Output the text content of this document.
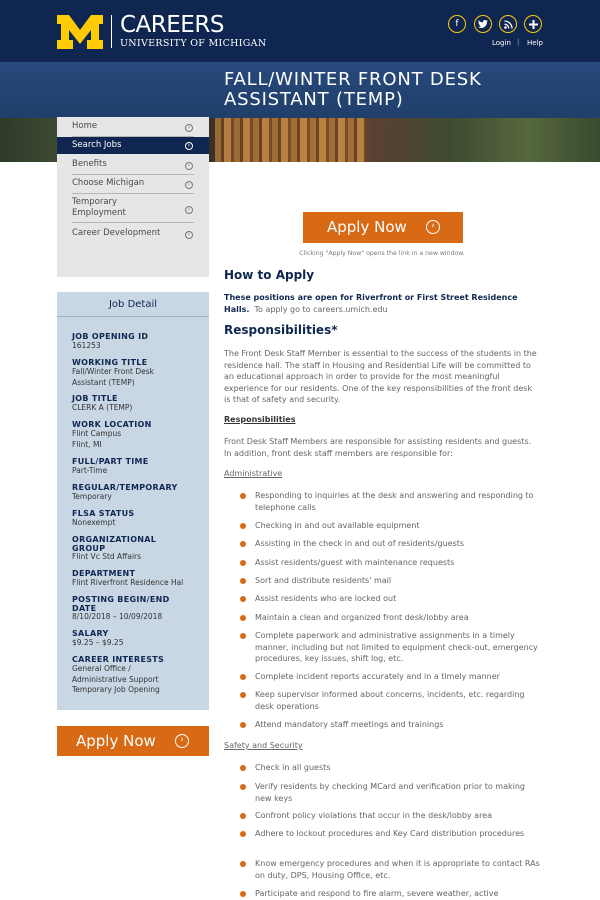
CAREERS
UNIVERSITY OF MICHIGAN
f
Login | Help
FALL/WINTER FRONT DESK ASSISTANT (TEMP)
Home	›
Search Jobs	›
Benefits	›
Choose Michigan	›
Temporary Employment	›
Career Development	›
Job Detail
JOB OPENING ID
161253
WORKING TITLE
Fall/Winter Front Desk Assistant (TEMP)
JOB TITLE
CLERK A (TEMP)
WORK LOCATION
Flint Campus Flint, MI
FULL/PART TIME
Part-Time
REGULAR/TEMPORARY
Temporary
FLSA STATUS
Nonexempt
ORGANIZATIONAL GROUP
Flint Vc Std Affairs
DEPARTMENT
Flint Riverfront Residence Hal
POSTING BEGIN/END DATE
8/10/2018 – 10/09/2018
SALARY
$9.25 – $9.25
CAREER INTERESTS
General Office / Administrative Support Temporary Job Opening
Apply Now	›
Apply Now	›
Clicking "Apply Now" opens the link in a new window.
How to Apply
These positions are open for Riverfront or First Street Residence Halls. To apply go to careers.umich.edu
Responsibilities*
The Front Desk Staff Member is essential to the success of the students in the residence hall. The staff in Housing and Residential Life will be committed to an educational approach in order to provide for the most meaningful experience for our residents. One of the key responsibilities of the front desk is that of safety and security.
Responsibilities
Front Desk Staff Members are responsible for assisting residents and guests. In addition, front desk staff members are responsible for:
Administrative
Responding to inquiries at the desk and answering and responding to telephone calls
Checking in and out available equipment
Assisting in the check in and out of residents/guests
Assist residents/guest with maintenance requests
Sort and distribute residents' mail
Assist residents who are locked out
Maintain a clean and organized front desk/lobby area
Complete paperwork and administrative assignments in a timely manner, including but not limited to equipment check-out, emergency procedures, key issues, shift log, etc.
Complete incident reports accurately and in a timely manner
Keep supervisor informed about concerns, incidents, etc. regarding desk operations
Attend mandatory staff meetings and trainings
Safety and Security
Check in all guests
Verify residents by checking MCard and verification prior to making new keys
Confront policy violations that occur in the desk/lobby area
Adhere to lockout procedures and Key Card distribution procedures
Know emergency procedures and when it is appropriate to contact RAs on duty, DPS, Housing Office, etc.
Participate and respond to fire alarm, severe weather, active
